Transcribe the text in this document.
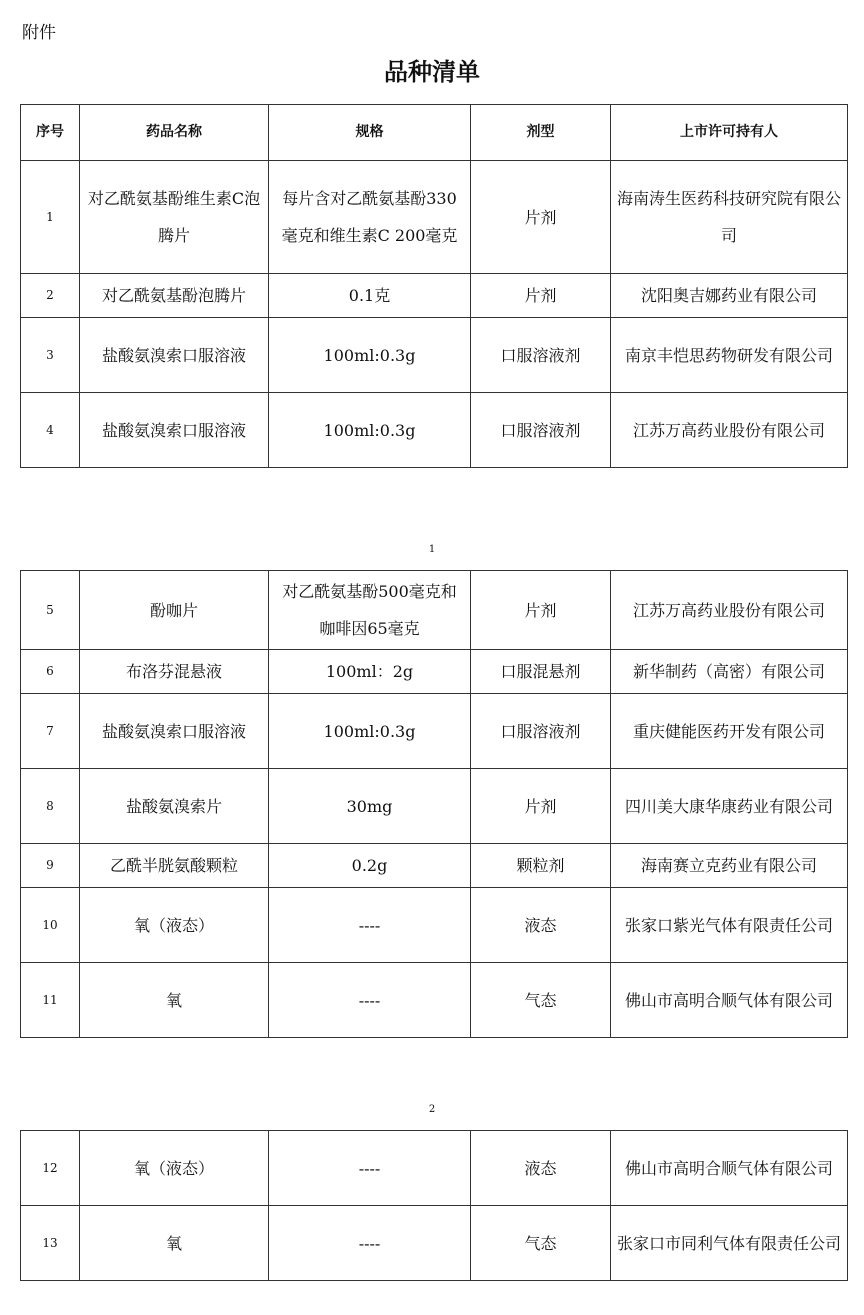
附件
品种清单
序号	药品名称	规格	剂型	上市许可持有人
1	对乙酰氨基酚维生素C泡腾片	每片含对乙酰氨基酚330毫克和维生素C 200毫克	片剂	海南涛生医药科技研究院有限公司
2	对乙酰氨基酚泡腾片	0.1克	片剂	沈阳奥吉娜药业有限公司
3	盐酸氨溴索口服溶液	100ml:0.3g	口服溶液剂	南京丰恺思药物研发有限公司
4	盐酸氨溴索口服溶液	100ml:0.3g	口服溶液剂	江苏万高药业股份有限公司
1
5	酚咖片	对乙酰氨基酚500毫克和咖啡因65毫克	片剂	江苏万高药业股份有限公司
6	布洛芬混悬液	100ml：2g	口服混悬剂	新华制药（高密）有限公司
7	盐酸氨溴索口服溶液	100ml:0.3g	口服溶液剂	重庆健能医药开发有限公司
8	盐酸氨溴索片	30mg	片剂	四川美大康华康药业有限公司
9	乙酰半胱氨酸颗粒	0.2g	颗粒剂	海南赛立克药业有限公司
10	氧（液态）	----	液态	张家口紫光气体有限责任公司
11	氧	----	气态	佛山市高明合顺气体有限公司
2
12	氧（液态）	----	液态	佛山市高明合顺气体有限公司
13	氧	----	气态	张家口市同利气体有限责任公司
